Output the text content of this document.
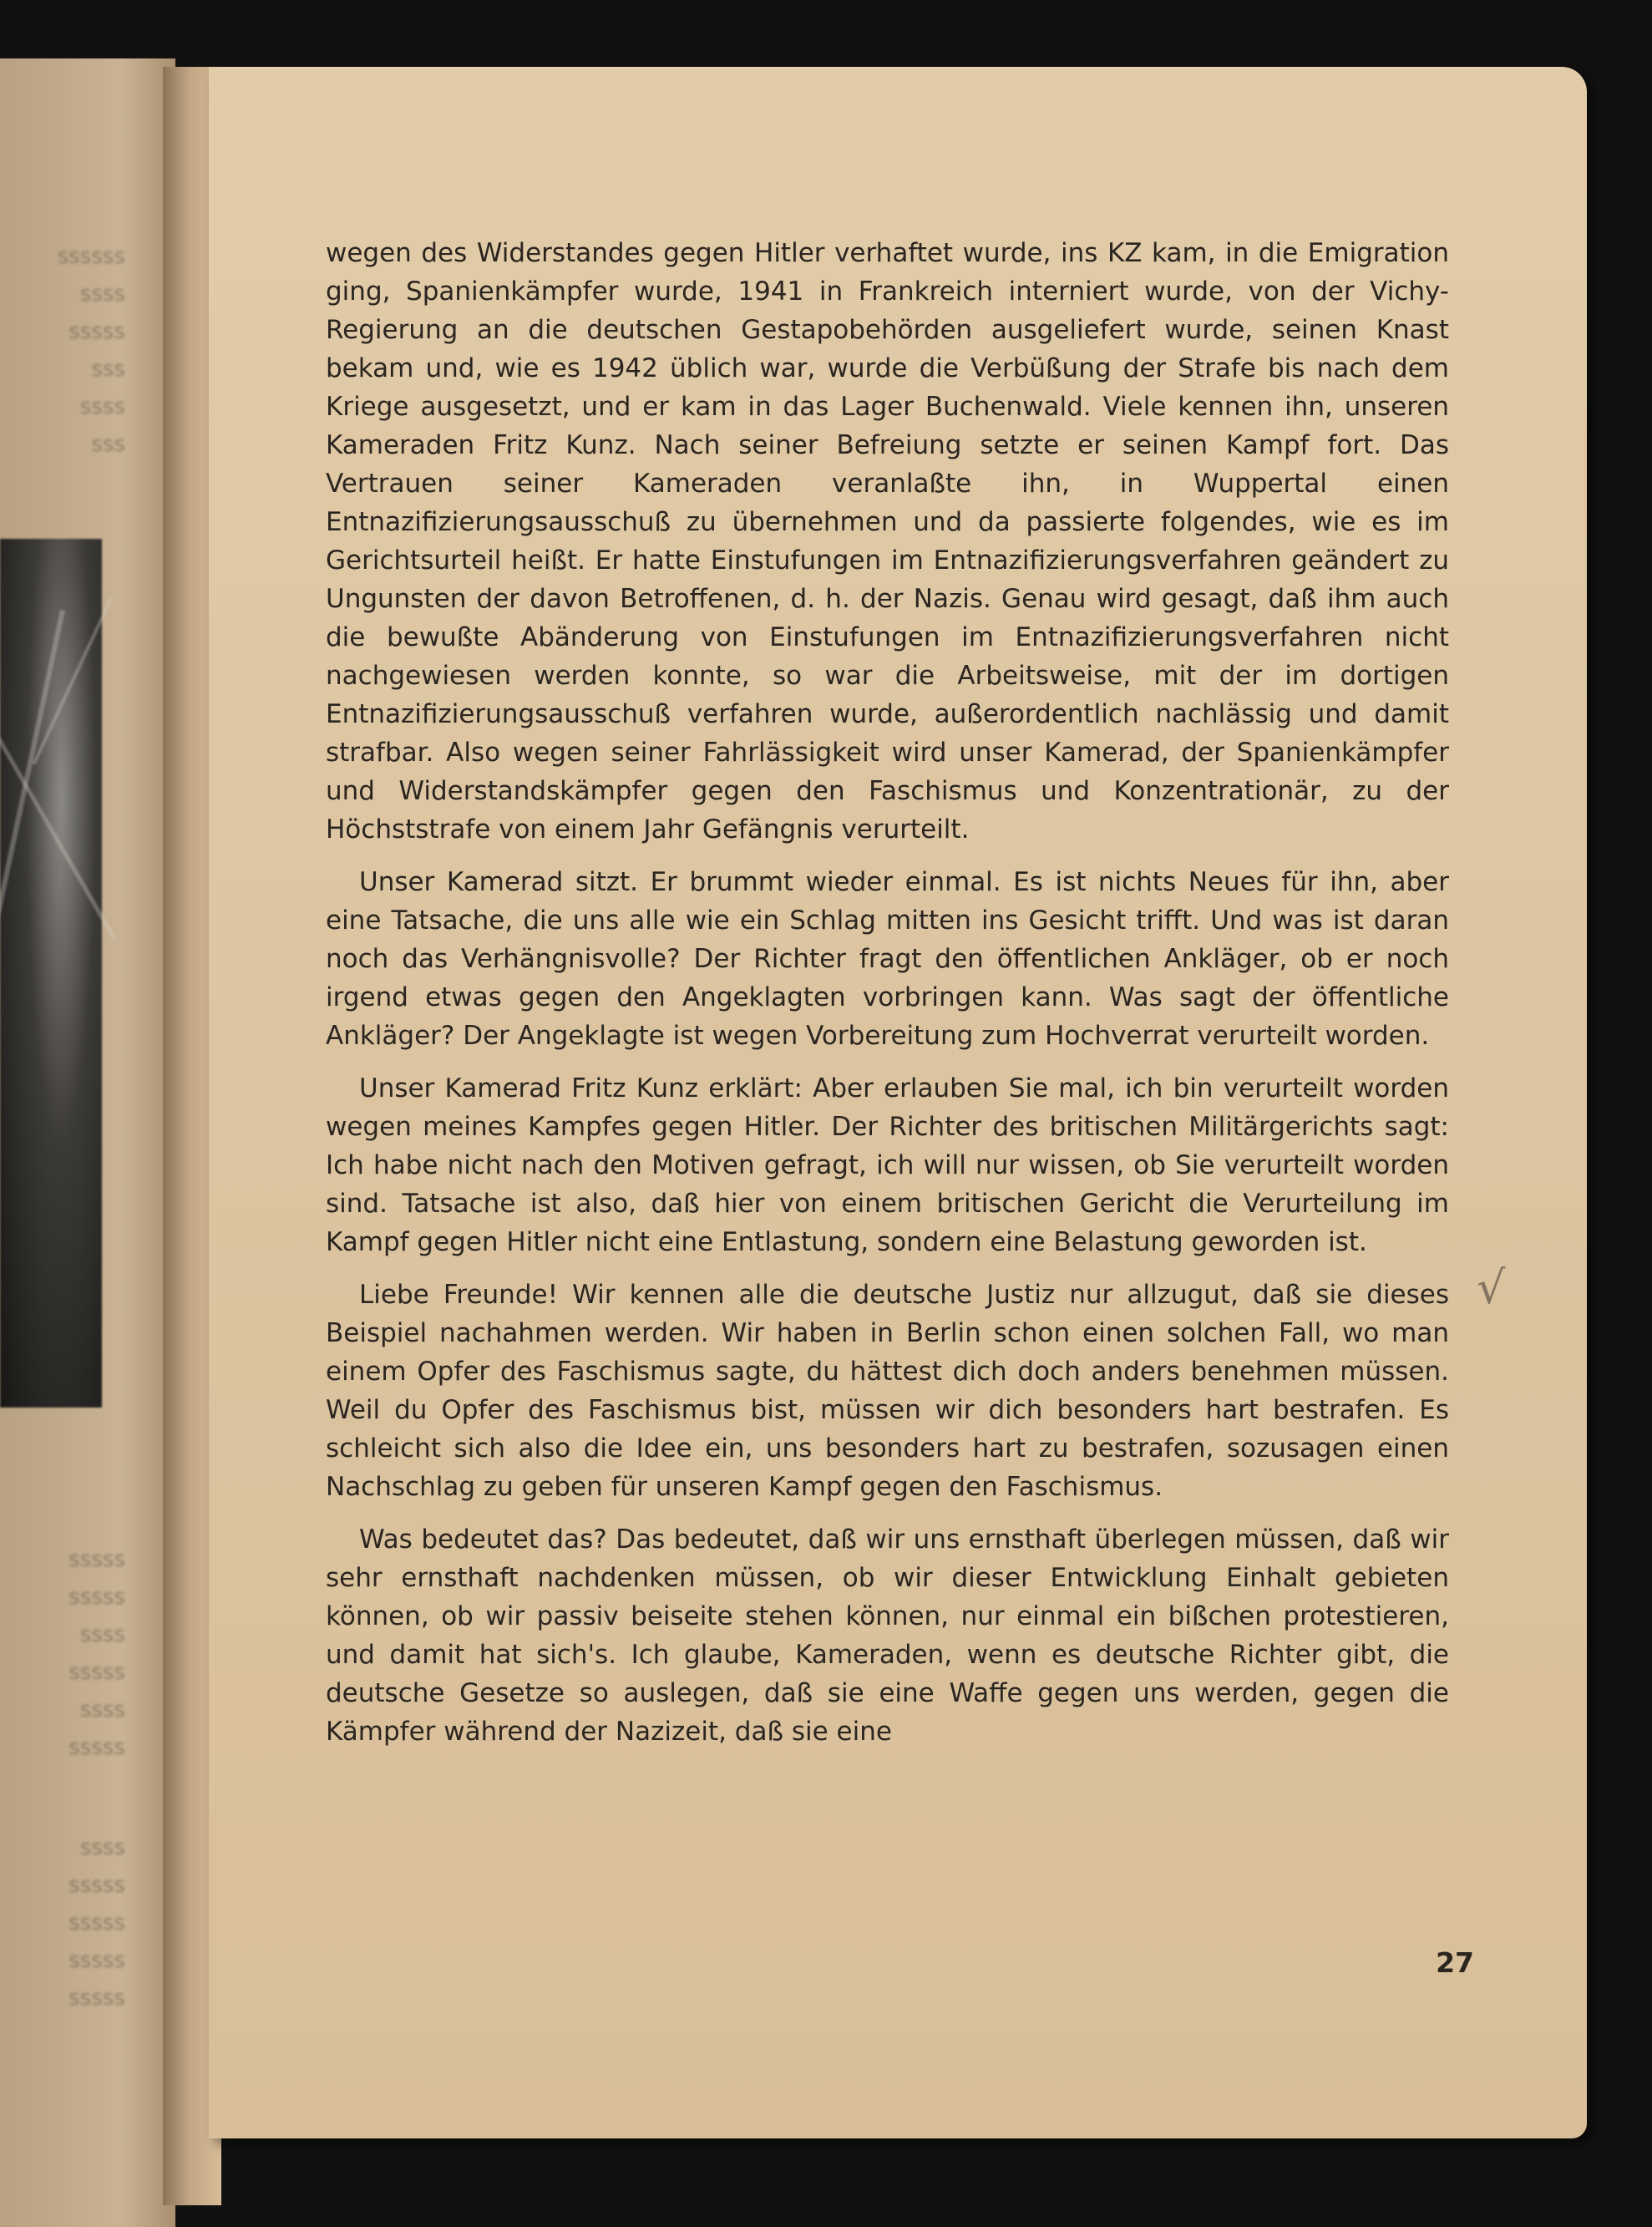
ssssss
ssss
sssss
sss
ssss
sss
sssss
sssss
ssss
sssss
ssss
sssss
ssss
sssss
sssss
sssss
sssss

wegen des Widerstandes gegen Hitler verhaftet wurde, ins KZ kam, in die Emigration ging, Spanienkämpfer wurde, 1941 in Frankreich interniert wurde, von der Vichy-Regierung an die deutschen Gestapobehörden ausgeliefert wurde, seinen Knast bekam und, wie es 1942 üblich war, wurde die Verbüßung der Strafe bis nach dem Kriege ausgesetzt, und er kam in das Lager Buchenwald. Viele kennen ihn, unseren Kameraden Fritz Kunz. Nach seiner Befreiung setzte er seinen Kampf fort. Das Vertrauen seiner Kameraden veranlaßte ihn, in Wuppertal einen Entnazifizierungsausschuß zu übernehmen und da passierte folgendes, wie es im Gerichtsurteil heißt. Er hatte Einstufungen im Entnazifizierungsverfahren geändert zu Ungunsten der davon Betroffenen, d. h. der Nazis. Genau wird gesagt, daß ihm auch die bewußte Abänderung von Einstufungen im Entnazifizierungsverfahren nicht nachgewiesen werden konnte, so war die Arbeitsweise, mit der im dortigen Entnazifizierungsausschuß verfahren wurde, außerordentlich nachlässig und damit strafbar. Also wegen seiner Fahrlässigkeit wird unser Kamerad, der Spanienkämpfer und Widerstandskämpfer gegen den Faschismus und Konzentrationär, zu der Höchststrafe von einem Jahr Gefängnis verurteilt.

Unser Kamerad sitzt. Er brummt wieder einmal. Es ist nichts Neues für ihn, aber eine Tatsache, die uns alle wie ein Schlag mitten ins Gesicht trifft. Und was ist daran noch das Verhängnisvolle? Der Richter fragt den öffentlichen Ankläger, ob er noch irgend etwas gegen den Angeklagten vorbringen kann. Was sagt der öffentliche Ankläger? Der Angeklagte ist wegen Vorbereitung zum Hochverrat verurteilt worden.

Unser Kamerad Fritz Kunz erklärt: Aber erlauben Sie mal, ich bin verurteilt worden wegen meines Kampfes gegen Hitler. Der Richter des britischen Militärgerichts sagt: Ich habe nicht nach den Motiven gefragt, ich will nur wissen, ob Sie verurteilt worden sind. Tatsache ist also, daß hier von einem britischen Gericht die Verurteilung im Kampf gegen Hitler nicht eine Entlastung, sondern eine Belastung geworden ist.

Liebe Freunde! Wir kennen alle die deutsche Justiz nur allzugut, daß sie dieses Beispiel nachahmen werden. Wir haben in Berlin schon einen solchen Fall, wo man einem Opfer des Faschismus sagte, du hättest dich doch anders benehmen müssen. Weil du Opfer des Faschismus bist, müssen wir dich besonders hart bestrafen. Es schleicht sich also die Idee ein, uns besonders hart zu bestrafen, sozusagen einen Nachschlag zu geben für unseren Kampf gegen den Faschismus.

Was bedeutet das? Das bedeutet, daß wir uns ernsthaft überlegen müssen, daß wir sehr ernsthaft nachdenken müssen, ob wir dieser Entwicklung Einhalt gebieten können, ob wir passiv beiseite stehen können, nur einmal ein bißchen protestieren, und damit hat sich's. Ich glaube, Kameraden, wenn es deutsche Richter gibt, die deutsche Gesetze so auslegen, daß sie eine Waffe gegen uns werden, gegen die Kämpfer während der Nazizeit, daß sie eine

√
27
